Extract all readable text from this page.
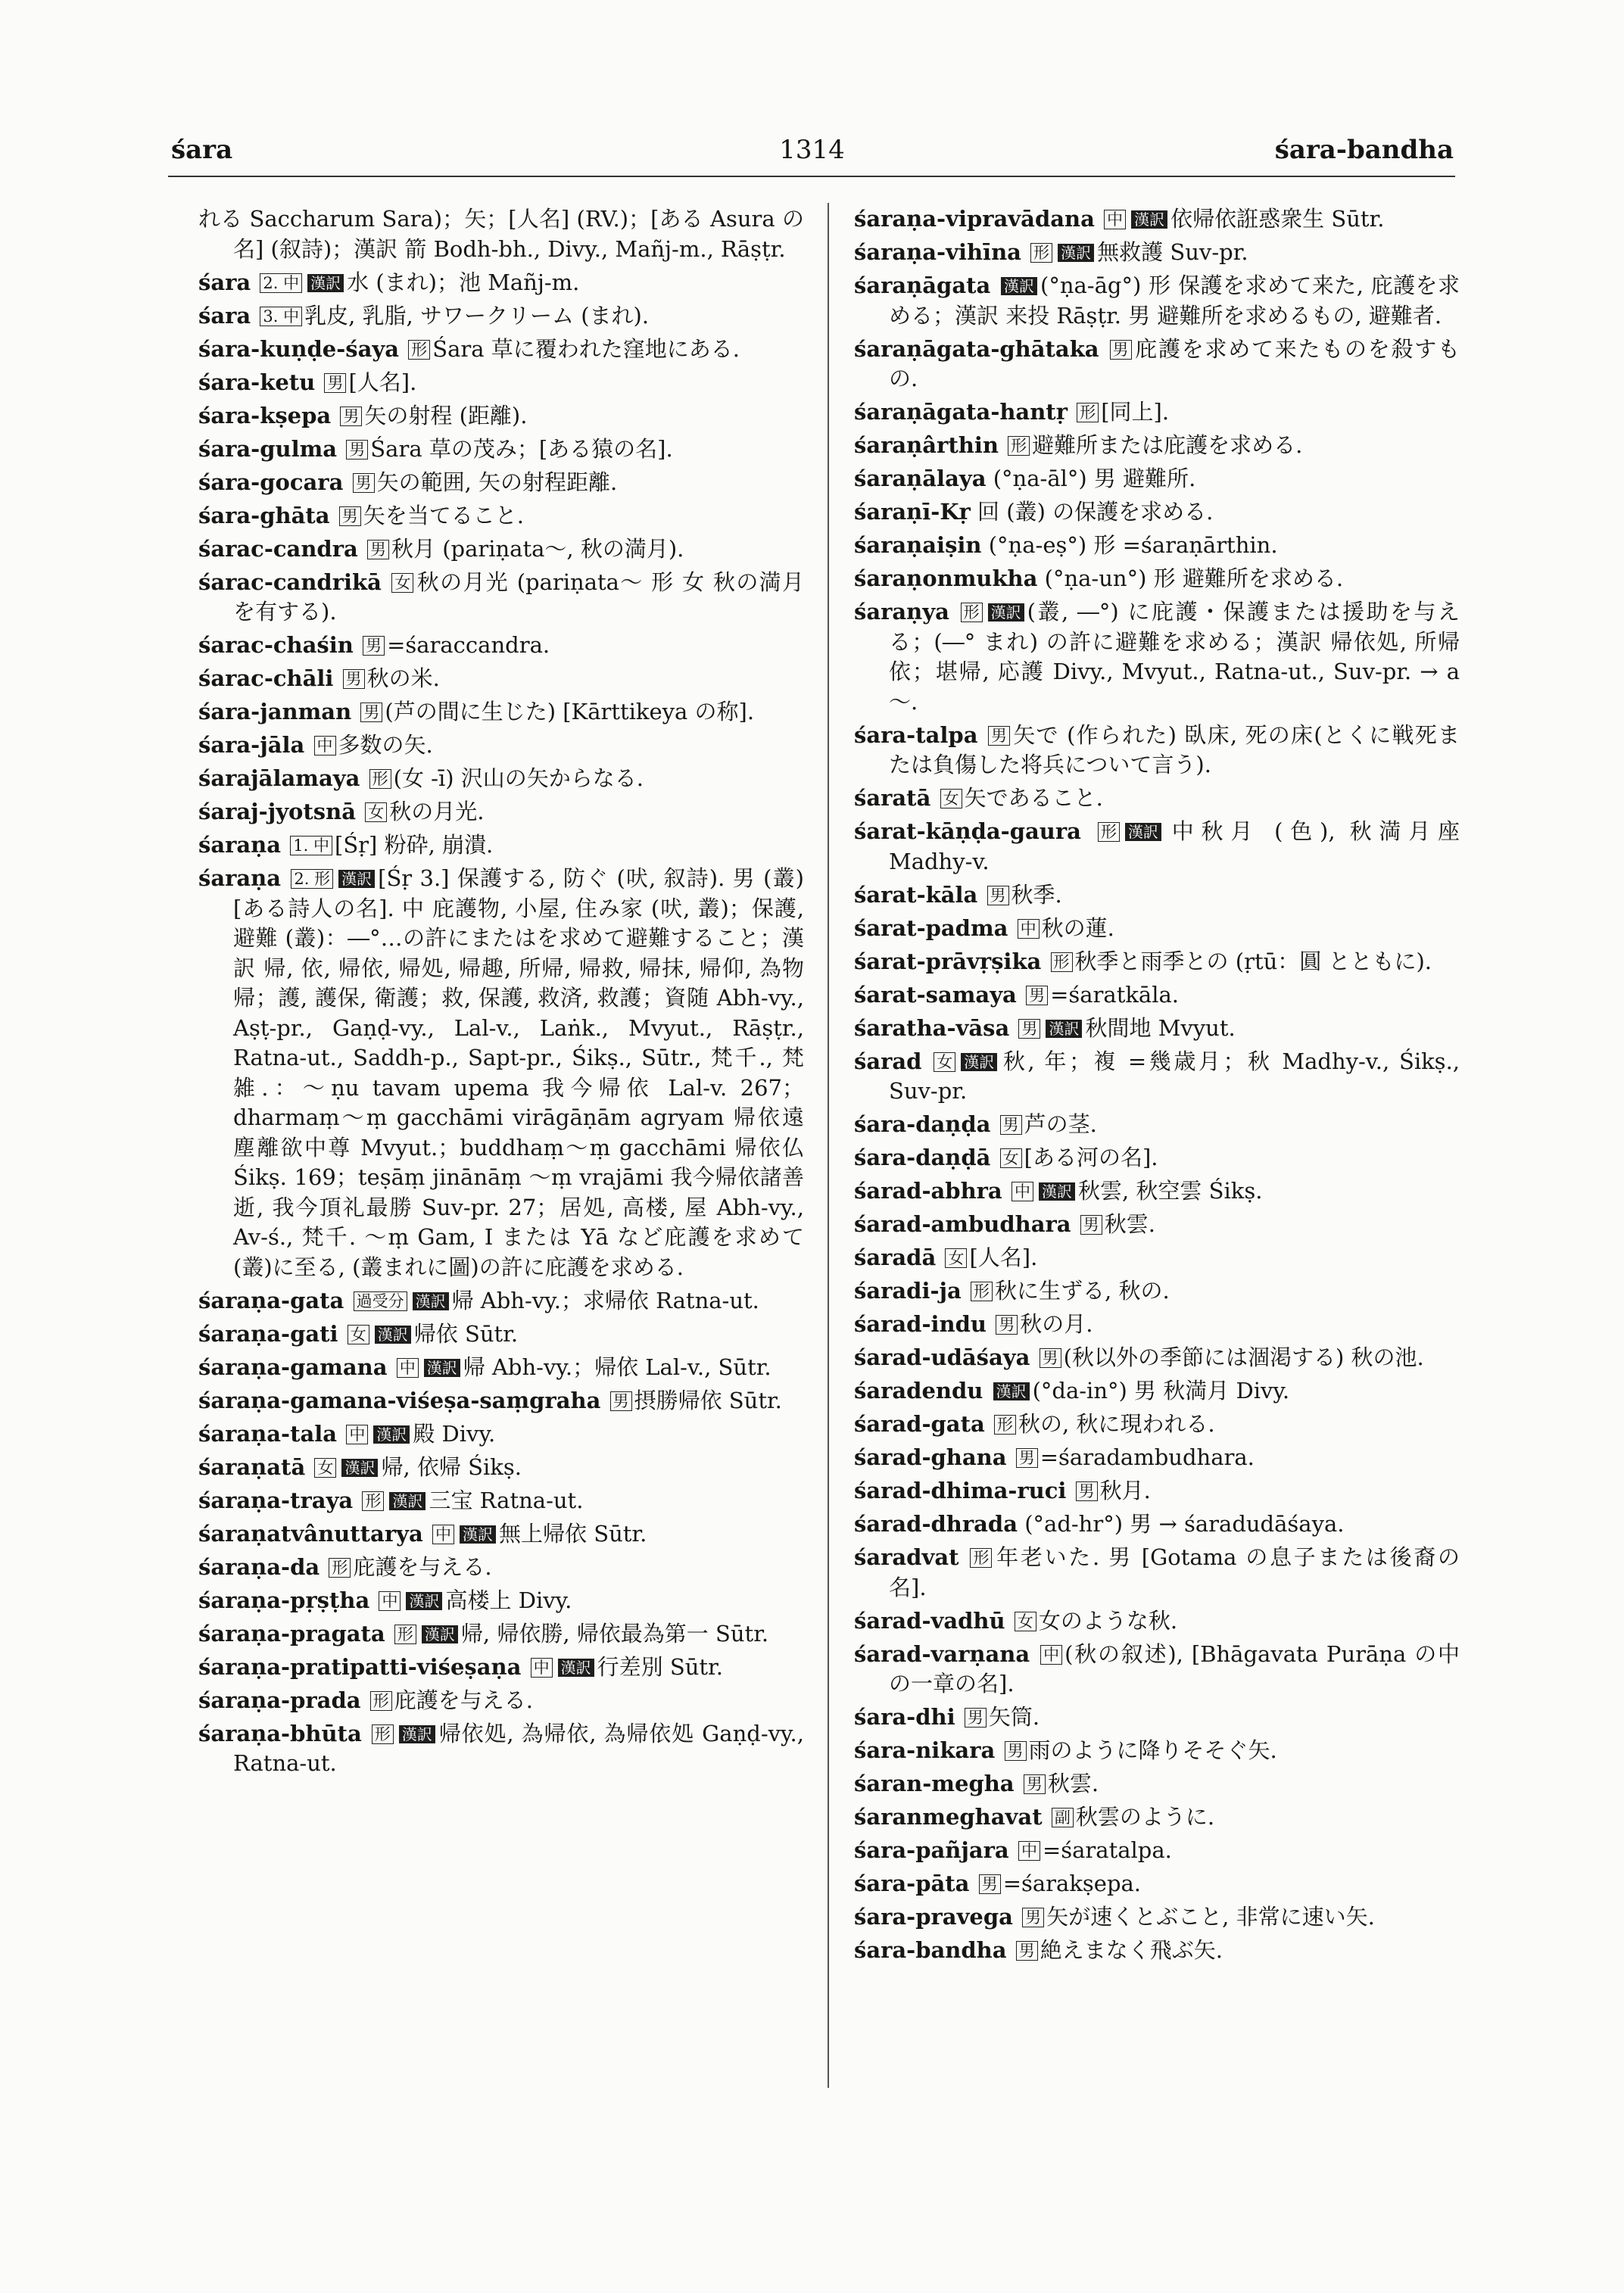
śara	1314	śara-bandha

れる Saccharum Sara)；矢；[人名] (RV.)；[ある Asura の名] (叙詩)；漢訳 箭 Bodh-bh., Divy., Mañj-m., Rāṣṭr.

śara 2. 中 漢訳 水 (まれ)；池 Mañj-m.

śara 3. 中 乳皮, 乳脂, サワークリーム (まれ).

śara-kuṇḍe-śaya 形 Śara 草に覆われた窪地にある.

śara-ketu 男 [人名].

śara-kṣepa 男 矢の射程 (距離).

śara-gulma 男 Śara 草の茂み；[ある猿の名].

śara-gocara 男 矢の範囲, 矢の射程距離.

śara-ghāta 男 矢を当てること.

śarac-candra 男 秋月 (pariṇata～, 秋の満月).

śarac-candrikā 女 秋の月光 (pariṇata～ 形 女 秋の満月を有する).

śarac-chaśin 男 =śaraccandra.

śarac-chāli 男 秋の米.

śara-janman 男 (芦の間に生じた) [Kārttikeya の称].

śara-jāla 中 多数の矢.

śarajālamaya 形 (女 -ī) 沢山の矢からなる.

śaraj-jyotsnā 女 秋の月光.

śaraṇa 1. 中 [Śṛ] 粉砕, 崩潰.

śaraṇa 2. 形 漢訳 [Śṛ 3.] 保護する, 防ぐ (吠, 叙詩). 男 (叢) [ある詩人の名]. 中 庇護物, 小屋, 住み家 (吠, 叢)；保護, 避難 (叢)：―°…の許にまたはを求めて避難すること；漢訳 帰, 依, 帰依, 帰処, 帰趣, 所帰, 帰救, 帰抹, 帰仰, 為物帰；護, 護保, 衛護；救, 保護, 救済, 救護；資随 Abh-vy., Aṣṭ-pr., Gaṇḍ-vy., Lal-v., Laṅk., Mvyut., Rāṣṭr., Ratna-ut., Saddh-p., Sapt-pr., Śikṣ., Sūtr., 梵千., 梵雑.：～ṇu tavam upema 我今帰依 Lal-v. 267；dharmaṃ～ṃ gacchāmi virāgāṇām agryam 帰依遠塵離欲中尊 Mvyut.；buddhaṃ～ṃ gacchāmi 帰依仏 Śikṣ. 169；teṣāṃ jinānāṃ ～ṃ vrajāmi 我今帰依諸善逝, 我今頂礼最勝 Suv-pr. 27；居処, 高楼, 屋 Abh-vy., Av-ś., 梵千. ～ṃ Gam, I または Yā など庇護を求めて (叢)に至る, (叢まれに圖)の許に庇護を求める.

śaraṇa-gata 過受分 漢訳 帰 Abh-vy.；求帰依 Ratna-ut.

śaraṇa-gati 女 漢訳 帰依 Sūtr.

śaraṇa-gamana 中 漢訳 帰 Abh-vy.；帰依 Lal-v., Sūtr.

śaraṇa-gamana-viśeṣa-saṃgraha 男 摂勝帰依 Sūtr.

śaraṇa-tala 中 漢訳 殿 Divy.

śaraṇatā 女 漢訳 帰, 依帰 Śikṣ.

śaraṇa-traya 形 漢訳 三宝 Ratna-ut.

śaraṇatvânuttarya 中 漢訳 無上帰依 Sūtr.

śaraṇa-da 形 庇護を与える.

śaraṇa-pṛṣṭha 中 漢訳 高楼上 Divy.

śaraṇa-pragata 形 漢訳 帰, 帰依勝, 帰依最為第一 Sūtr.

śaraṇa-pratipatti-viśeṣaṇa 中 漢訳 行差別 Sūtr.

śaraṇa-prada 形 庇護を与える.

śaraṇa-bhūta 形 漢訳 帰依処, 為帰依, 為帰依処 Gaṇḍ-vy., Ratna-ut.

śaraṇa-vipravādana 中 漢訳 依帰依誑惑衆生 Sūtr.

śaraṇa-vihīna 形 漢訳 無救護 Suv-pr.

śaraṇāgata 漢訳 (°ṇa-āg°) 形 保護を求めて来た, 庇護を求める；漢訳 来投 Rāṣṭr. 男 避難所を求めるもの, 避難者.

śaraṇāgata-ghātaka 男 庇護を求めて来たものを殺すもの.

śaraṇāgata-hantṛ 形 [同上].

śaraṇârthin 形 避難所または庇護を求める.

śaraṇālaya (°ṇa-āl°) 男 避難所.

śaraṇī-Kṛ 回 (叢) の保護を求める.

śaraṇaiṣin (°ṇa-eṣ°) 形 =śaraṇārthin.

śaraṇonmukha (°ṇa-un°) 形 避難所を求める.

śaraṇya 形 漢訳 (叢, ―°) に庇護・保護または援助を与える；(―° まれ) の許に避難を求める；漢訳 帰依処, 所帰依；堪帰, 応護 Divy., Mvyut., Ratna-ut., Suv-pr. → a～.

śara-talpa 男 矢で (作られた) 臥床, 死の床(とくに戦死または負傷した将兵について言う).

śaratā 女 矢であること.

śarat-kāṇḍa-gaura 形 漢訳 中秋月 (色), 秋満月座 Madhy-v.

śarat-kāla 男 秋季.

śarat-padma 中 秋の蓮.

śarat-prāvṛṣika 形 秋季と雨季との (ṛtū：圓 とともに).

śarat-samaya 男 =śaratkāla.

śaratha-vāsa 男 漢訳 秋間地 Mvyut.

śarad 女 漢訳 秋, 年；複 =幾歳月；秋 Madhy-v., Śikṣ., Suv-pr.

śara-daṇḍa 男 芦の茎.

śara-daṇḍā 女 [ある河の名].

śarad-abhra 中 漢訳 秋雲, 秋空雲 Śikṣ.

śarad-ambudhara 男 秋雲.

śaradā 女 [人名].

śaradi-ja 形 秋に生ずる, 秋の.

śarad-indu 男 秋の月.

śarad-udāśaya 男 (秋以外の季節には涸渇する) 秋の池.

śaradendu 漢訳 (°da-in°) 男 秋満月 Divy.

śarad-gata 形 秋の, 秋に現われる.

śarad-ghana 男 =śaradambudhara.

śarad-dhima-ruci 男 秋月.

śarad-dhrada (°ad-hr°) 男 → śaradudāśaya.

śaradvat 形 年老いた. 男 [Gotama の息子または後裔の名].

śarad-vadhū 女 女のような秋.

śarad-varṇana 中 (秋の叙述), [Bhāgavata Purāṇa の中の一章の名].

śara-dhi 男 矢筒.

śara-nikara 男 雨のように降りそそぐ矢.

śaran-megha 男 秋雲.

śaranmeghavat 副 秋雲のように.

śara-pañjara 中 =śaratalpa.

śara-pāta 男 =śarakṣepa.

śara-pravega 男 矢が速くとぶこと, 非常に速い矢.

śara-bandha 男 絶えまなく飛ぶ矢.
